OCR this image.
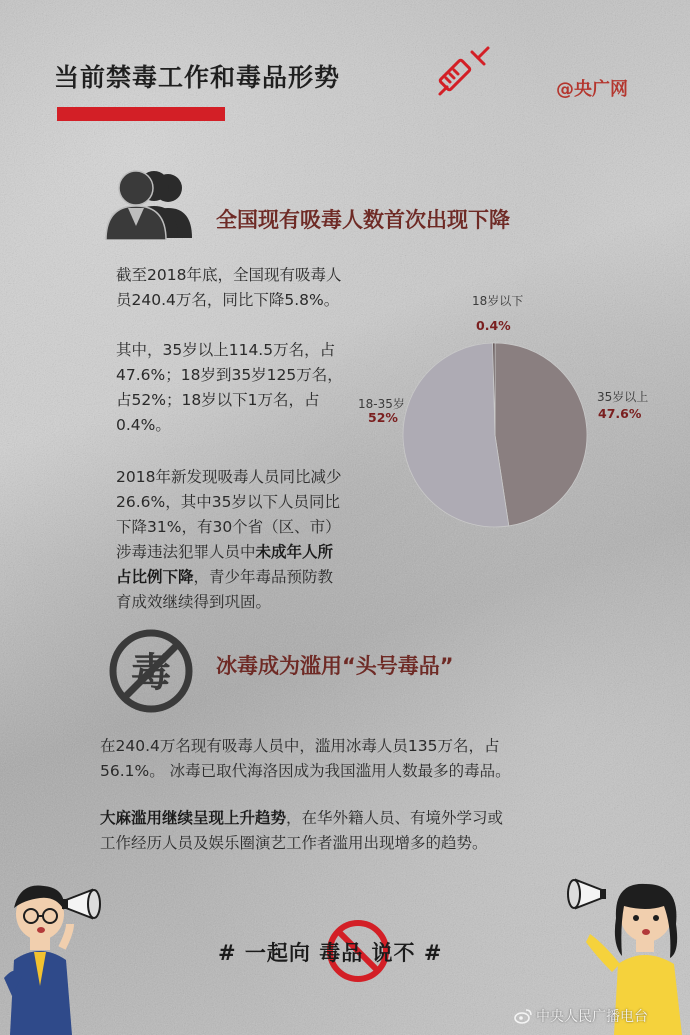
当前禁毒工作和毒品形势	@央广网
全国现有吸毒人数首次出现下降
截至2018年底，全国现有吸毒人
员240.4万名，同比下降5.8%。
其中，35岁以上114.5万名，占
47.6%；18岁到35岁125万名，
占52%；18岁以下1万名，占
0.4%。
2018年新发现吸毒人员同比减少
26.6%，其中35岁以下人员同比
下降31%，有30个省（区、市）
涉毒违法犯罪人员中未成年人所
占比例下降，青少年毒品预防教
育成效继续得到巩固。
18岁以下
0.4%
35岁以上
47.6%
18-35岁
52%
毒 冰毒成为滥用“头号毒品”
在240.4万名现有吸毒人员中，滥用冰毒人员135万名，占
56.1%。 冰毒已取代海洛因成为我国滥用人数最多的毒品。
大麻滥用继续呈现上升趋势，在华外籍人员、有境外学习或
工作经历人员及娱乐圈演艺工作者滥用出现增多的趋势。
# 一起向 毒品 说不 #
中央人民广播电台
